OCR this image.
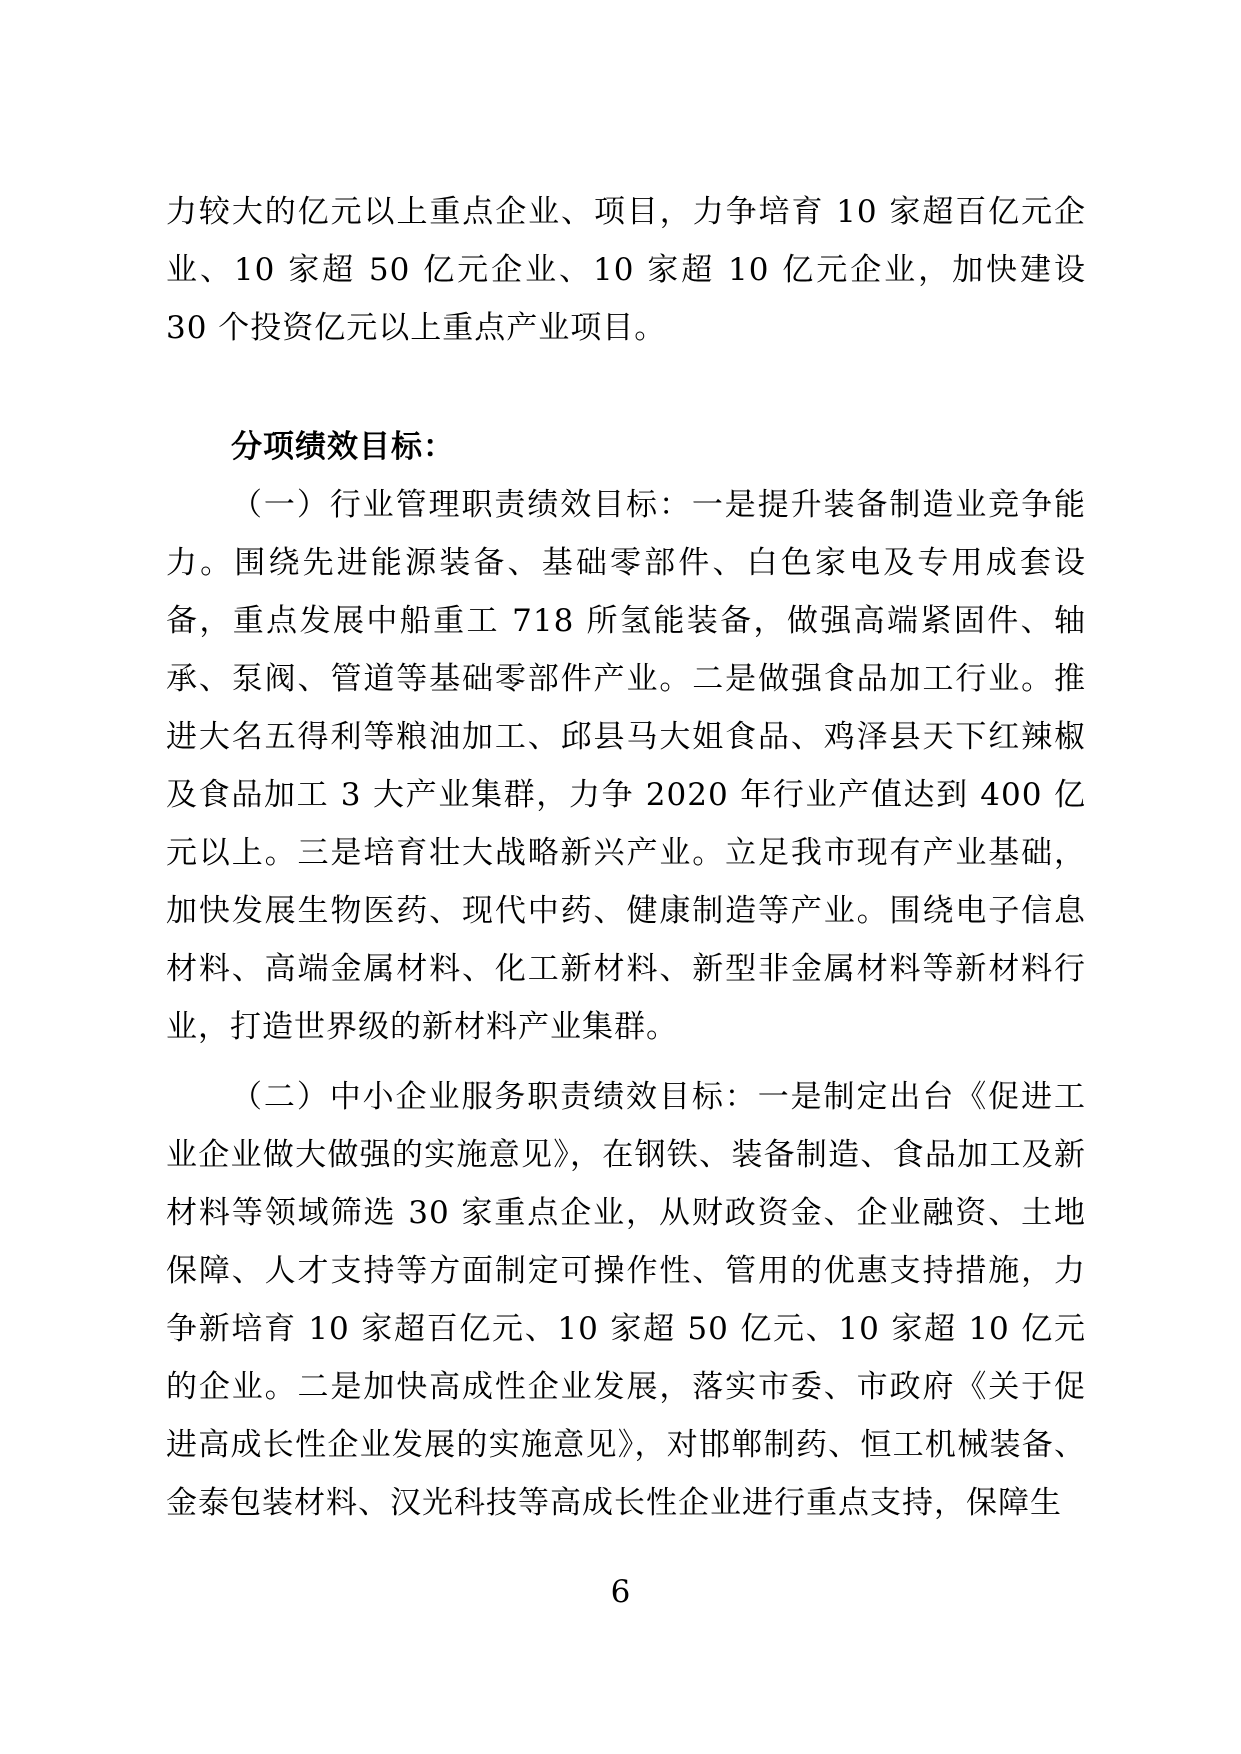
力较大的亿元以上重点企业、项目，力争培育 10 家超百亿元企业、10 家超 50 亿元企业、10 家超 10 亿元企业，加快建设 30 个投资亿元以上重点产业项目。

分项绩效目标：

（一）行业管理职责绩效目标：一是提升装备制造业竞争能力。围绕先进能源装备、基础零部件、白色家电及专用成套设备，重点发展中船重工 718 所氢能装备，做强高端紧固件、轴承、泵阀、管道等基础零部件产业。二是做强食品加工行业。推进大名五得利等粮油加工、邱县马大姐食品、鸡泽县天下红辣椒及食品加工 3 大产业集群，力争 2020 年行业产值达到 400 亿元以上。三是培育壮大战略新兴产业。立足我市现有产业基础，加快发展生物医药、现代中药、健康制造等产业。围绕电子信息材料、高端金属材料、化工新材料、新型非金属材料等新材料行业，打造世界级的新材料产业集群。

（二）中小企业服务职责绩效目标：一是制定出台《促进工业企业做大做强的实施意见》，在钢铁、装备制造、食品加工及新材料等领域筛选 30 家重点企业，从财政资金、企业融资、土地保障、人才支持等方面制定可操作性、管用的优惠支持措施，力争新培育 10 家超百亿元、10 家超 50 亿元、10 家超 10 亿元的企业。二是加快高成性企业发展，落实市委、市政府《关于促进高成长性企业发展的实施意见》，对邯郸制药、恒工机械装备、金泰包装材料、汉光科技等高成长性企业进行重点支持，保障生

6
